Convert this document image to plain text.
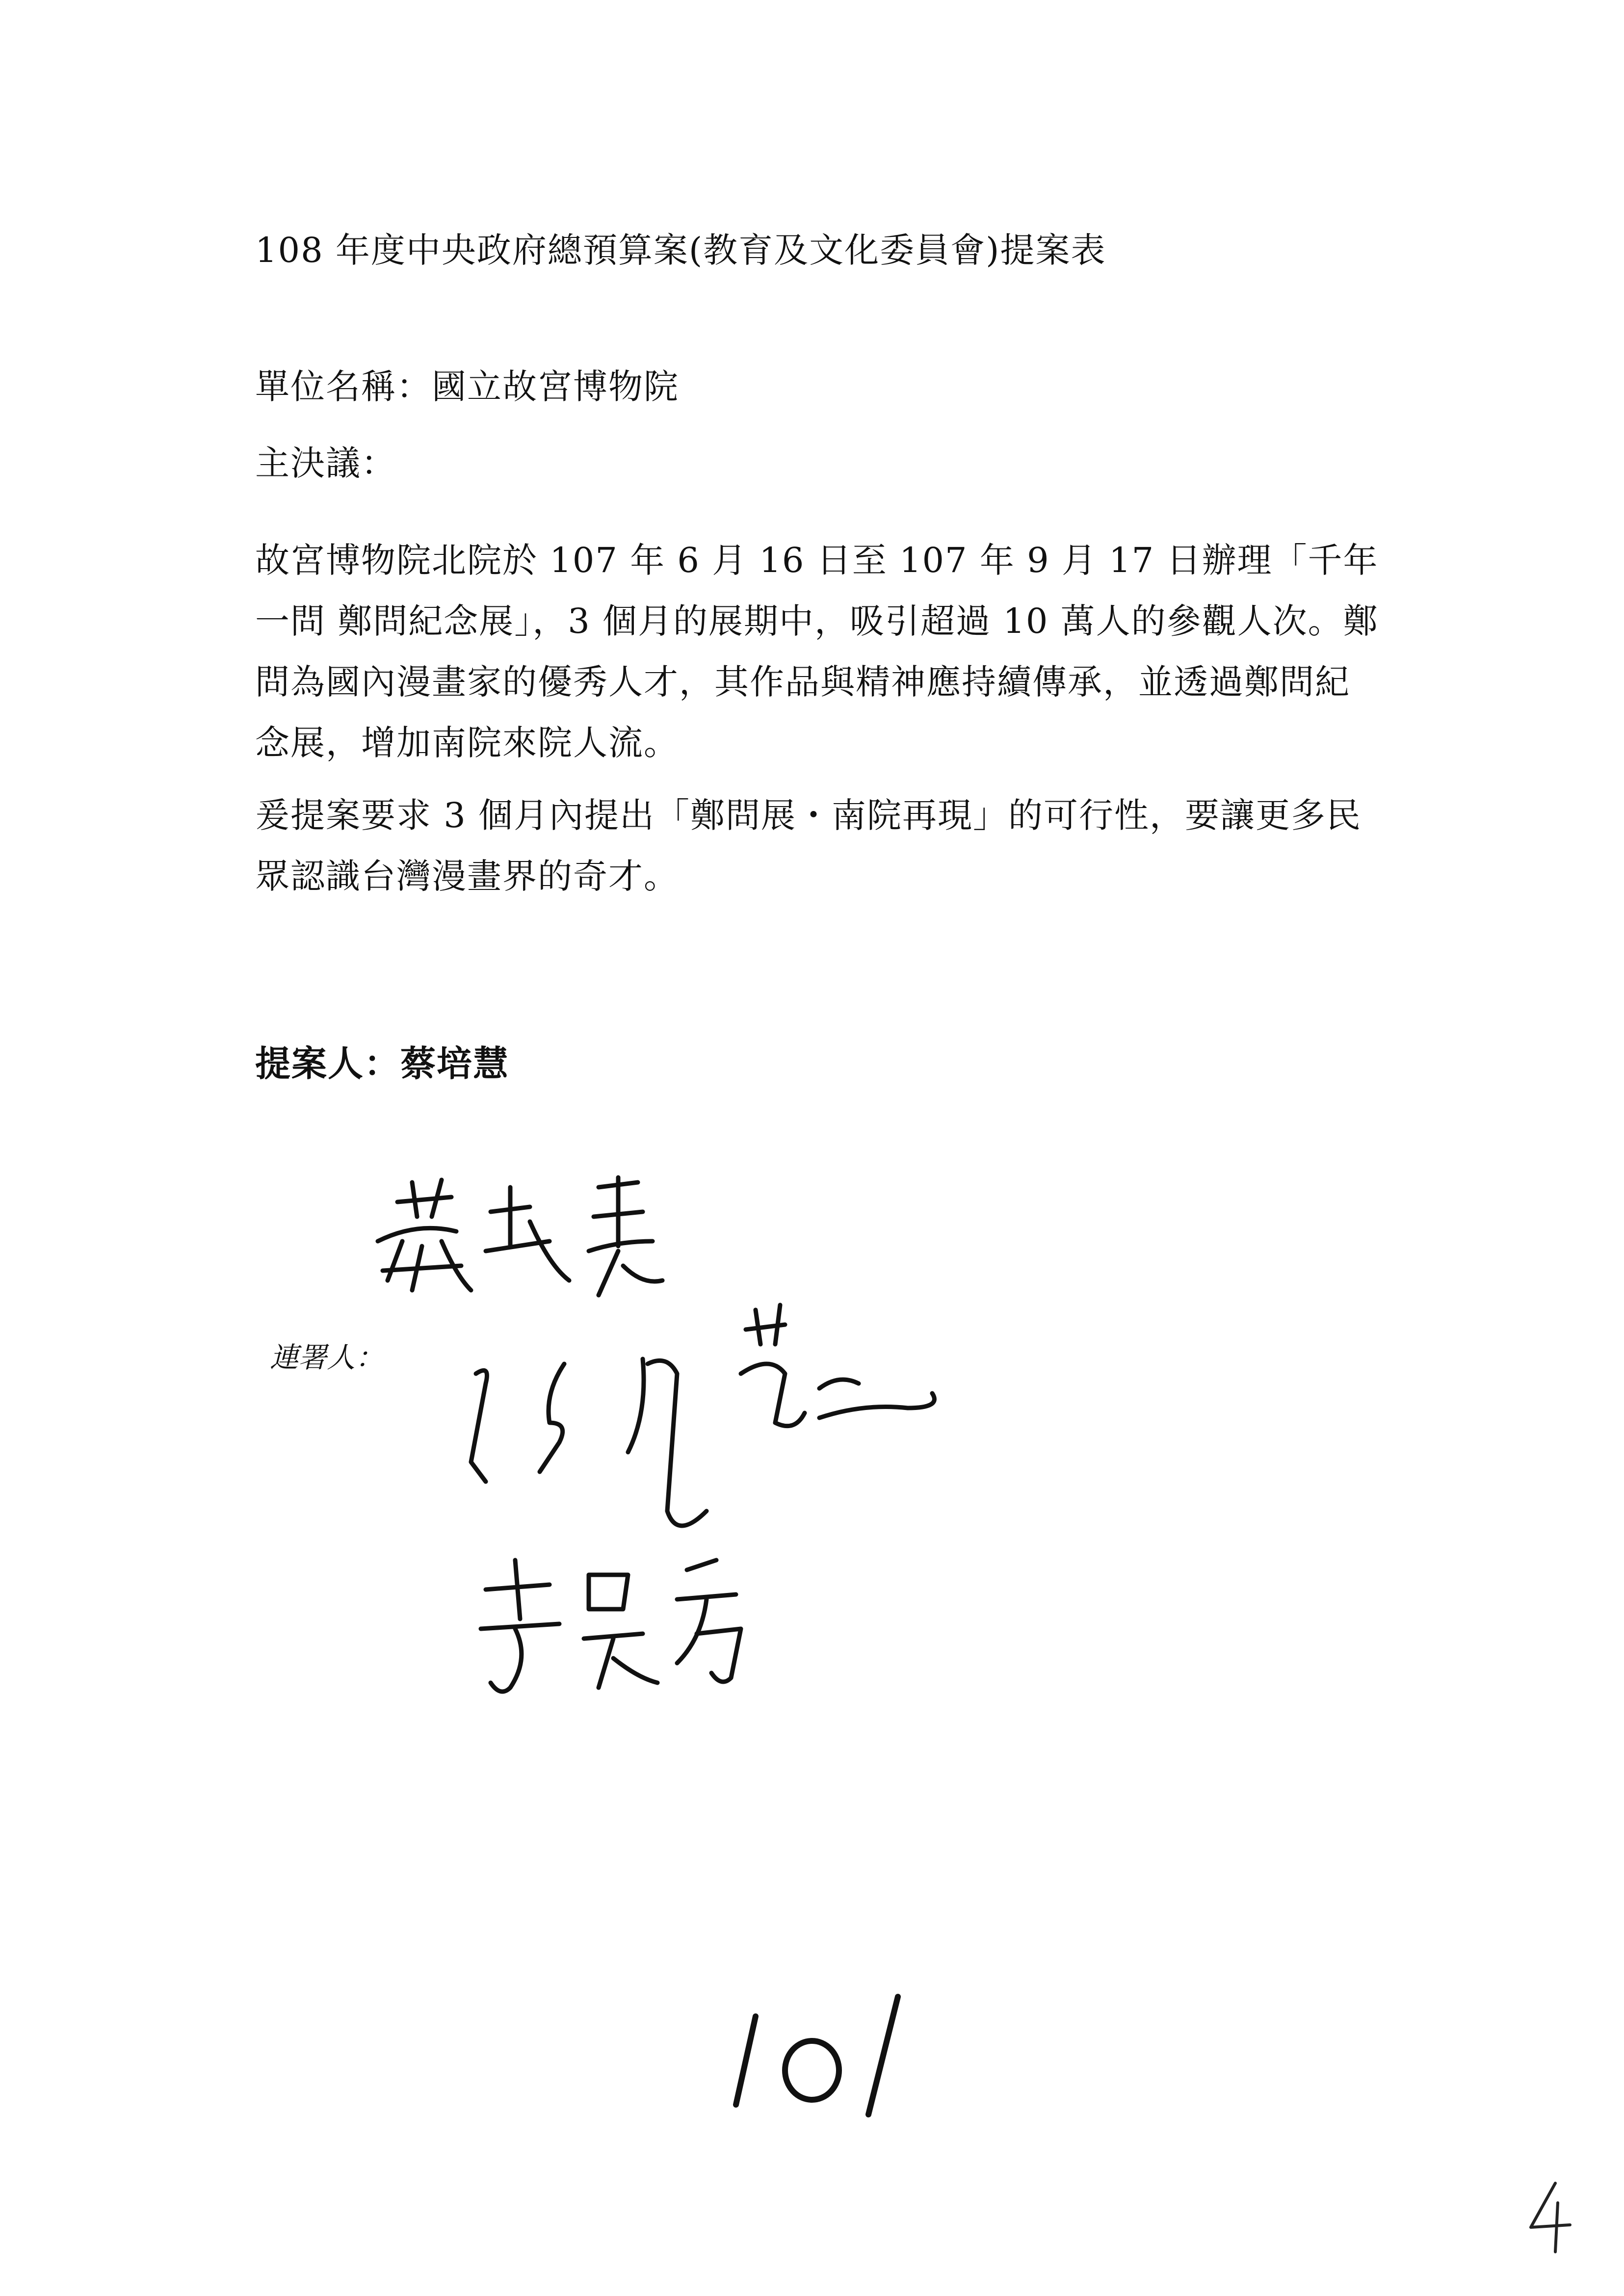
108 年度中央政府總預算案(教育及文化委員會)提案表
單位名稱：國立故宮博物院
主決議：
故宮博物院北院於 107 年 6 月 16 日至 107 年 9 月 17 日辦理「千年一問 鄭問紀念展」，3 個月的展期中，吸引超過 10 萬人的參觀人次。鄭問為國內漫畫家的優秀人才，其作品與精神應持續傳承，並透過鄭問紀念展，增加南院來院人流。
爰提案要求 3 個月內提出「鄭問展・南院再現」的可行性，要讓更多民眾認識台灣漫畫界的奇才。
提案人：蔡培慧
連署人：
